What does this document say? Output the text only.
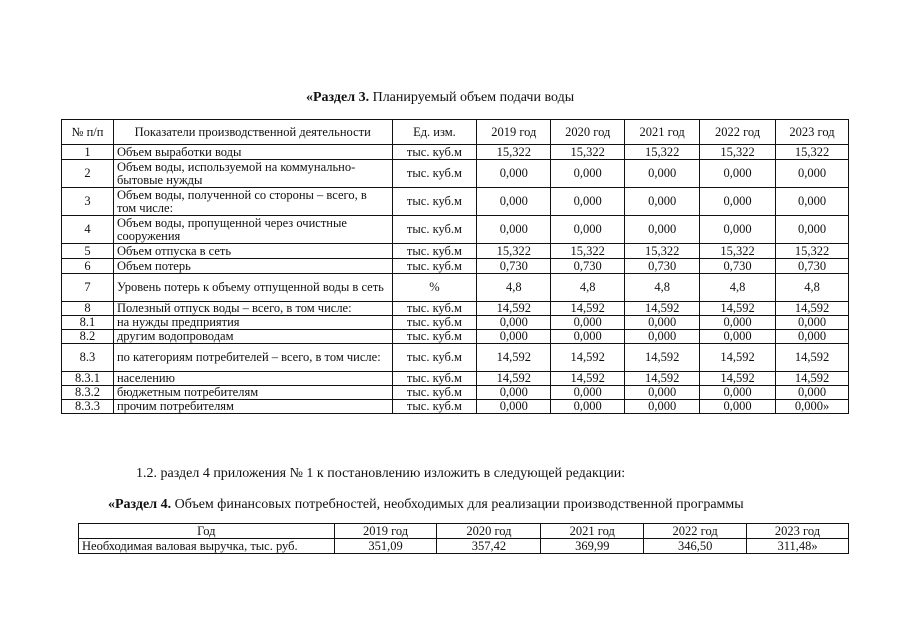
«Раздел 3. Планируемый объем подачи воды
№ п/п	Показатели производственной деятельности	Ед. изм.	2019 год	2020 год	2021 год	2022 год	2023 год
1	Объем выработки воды	тыс. куб.м	15,322	15,322	15,322	15,322	15,322
2	Объем воды, используемой на коммунально-бытовые нужды	тыс. куб.м	0,000	0,000	0,000	0,000	0,000
3	Объем воды, полученной со стороны – всего, в том числе:	тыс. куб.м	0,000	0,000	0,000	0,000	0,000
4	Объем воды, пропущенной через очистные сооружения	тыс. куб.м	0,000	0,000	0,000	0,000	0,000
5	Объем отпуска в сеть	тыс. куб.м	15,322	15,322	15,322	15,322	15,322
6	Объем потерь	тыс. куб.м	0,730	0,730	0,730	0,730	0,730
7	Уровень потерь к объему отпущенной воды в сеть	%	4,8	4,8	4,8	4,8	4,8
8	Полезный отпуск воды – всего, в том числе:	тыс. куб.м	14,592	14,592	14,592	14,592	14,592
8.1	на нужды предприятия	тыс. куб.м	0,000	0,000	0,000	0,000	0,000
8.2	другим водопроводам	тыс. куб.м	0,000	0,000	0,000	0,000	0,000
8.3	по категориям потребителей – всего, в том числе:	тыс. куб.м	14,592	14,592	14,592	14,592	14,592
8.3.1	населению	тыс. куб.м	14,592	14,592	14,592	14,592	14,592
8.3.2	бюджетным потребителям	тыс. куб.м	0,000	0,000	0,000	0,000	0,000
8.3.3	прочим потребителям	тыс. куб.м	0,000	0,000	0,000	0,000	0,000»
1.2. раздел 4 приложения № 1 к постановлению изложить в следующей редакции:
«Раздел 4. Объем финансовых потребностей, необходимых для реализации производственной программы
Год	2019 год	2020 год	2021 год	2022 год	2023 год
Необходимая валовая выручка, тыс. руб.	351,09	357,42	369,99	346,50	311,48»
